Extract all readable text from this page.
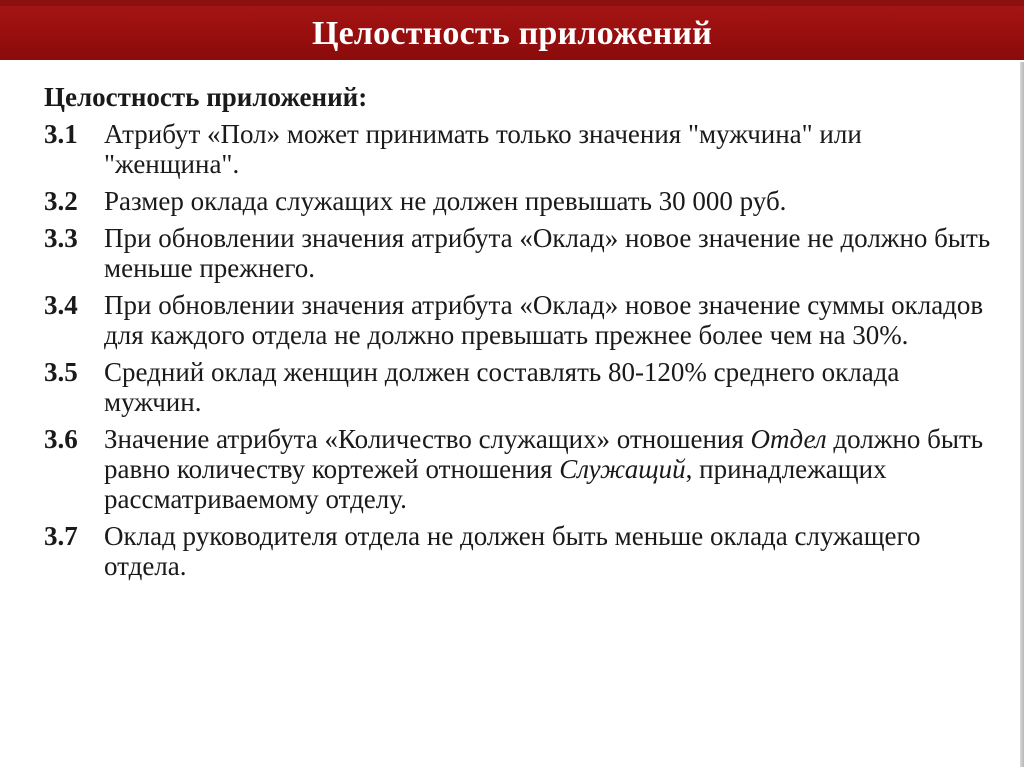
Целостность приложений
Целостность приложений:
3.1 Атрибут «Пол» может принимать только значения "мужчина" или "женщина".
3.2 Размер оклада служащих не должен превышать 30 000 руб.
3.3 При обновлении значения атрибута «Оклад» новое значение не должно быть меньше прежнего.
3.4 При обновлении значения атрибута «Оклад» новое значение суммы окладов для каждого отдела не должно превышать прежнее более чем на 30%.
3.5 Средний оклад женщин должен составлять 80-120% среднего оклада мужчин.
3.6 Значение атрибута «Количество служащих» отношения Отдел должно быть равно количеству кортежей отношения Служащий, принадлежащих рассматриваемому отделу.
3.7 Оклад руководителя отдела не должен быть меньше оклада служащего отдела.
